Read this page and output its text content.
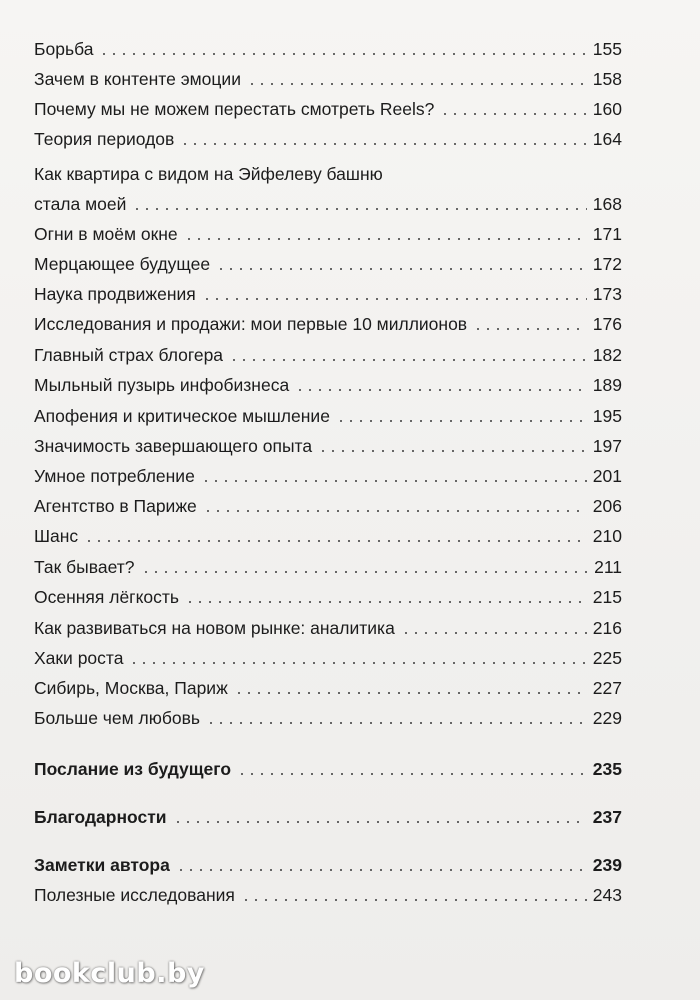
Борьба	155
Зачем в контенте эмоции	158
Почему мы не можем перестать смотреть Reels?	160
Теория периодов	164
Как квартира с видом на Эйфелеву башню
стала моей	168
Огни в моём окне	171
Мерцающее будущее	172
Наука продвижения	173
Исследования и продажи: мои первые 10 миллионов	176
Главный страх блогера	182
Мыльный пузырь инфобизнеса	189
Апофения и критическое мышление	195
Значимость завершающего опыта	197
Умное потребление	201
Агентство в Париже	206
Шанс	210
Так бывает?	211
Осенняя лёгкость	215
Как развиваться на новом рынке: аналитика	216
Хаки роста	225
Сибирь, Москва, Париж	227
Больше чем любовь	229
Послание из будущего	235
Благодарности	237
Заметки автора	239
Полезные исследования	243
bookclub.by
